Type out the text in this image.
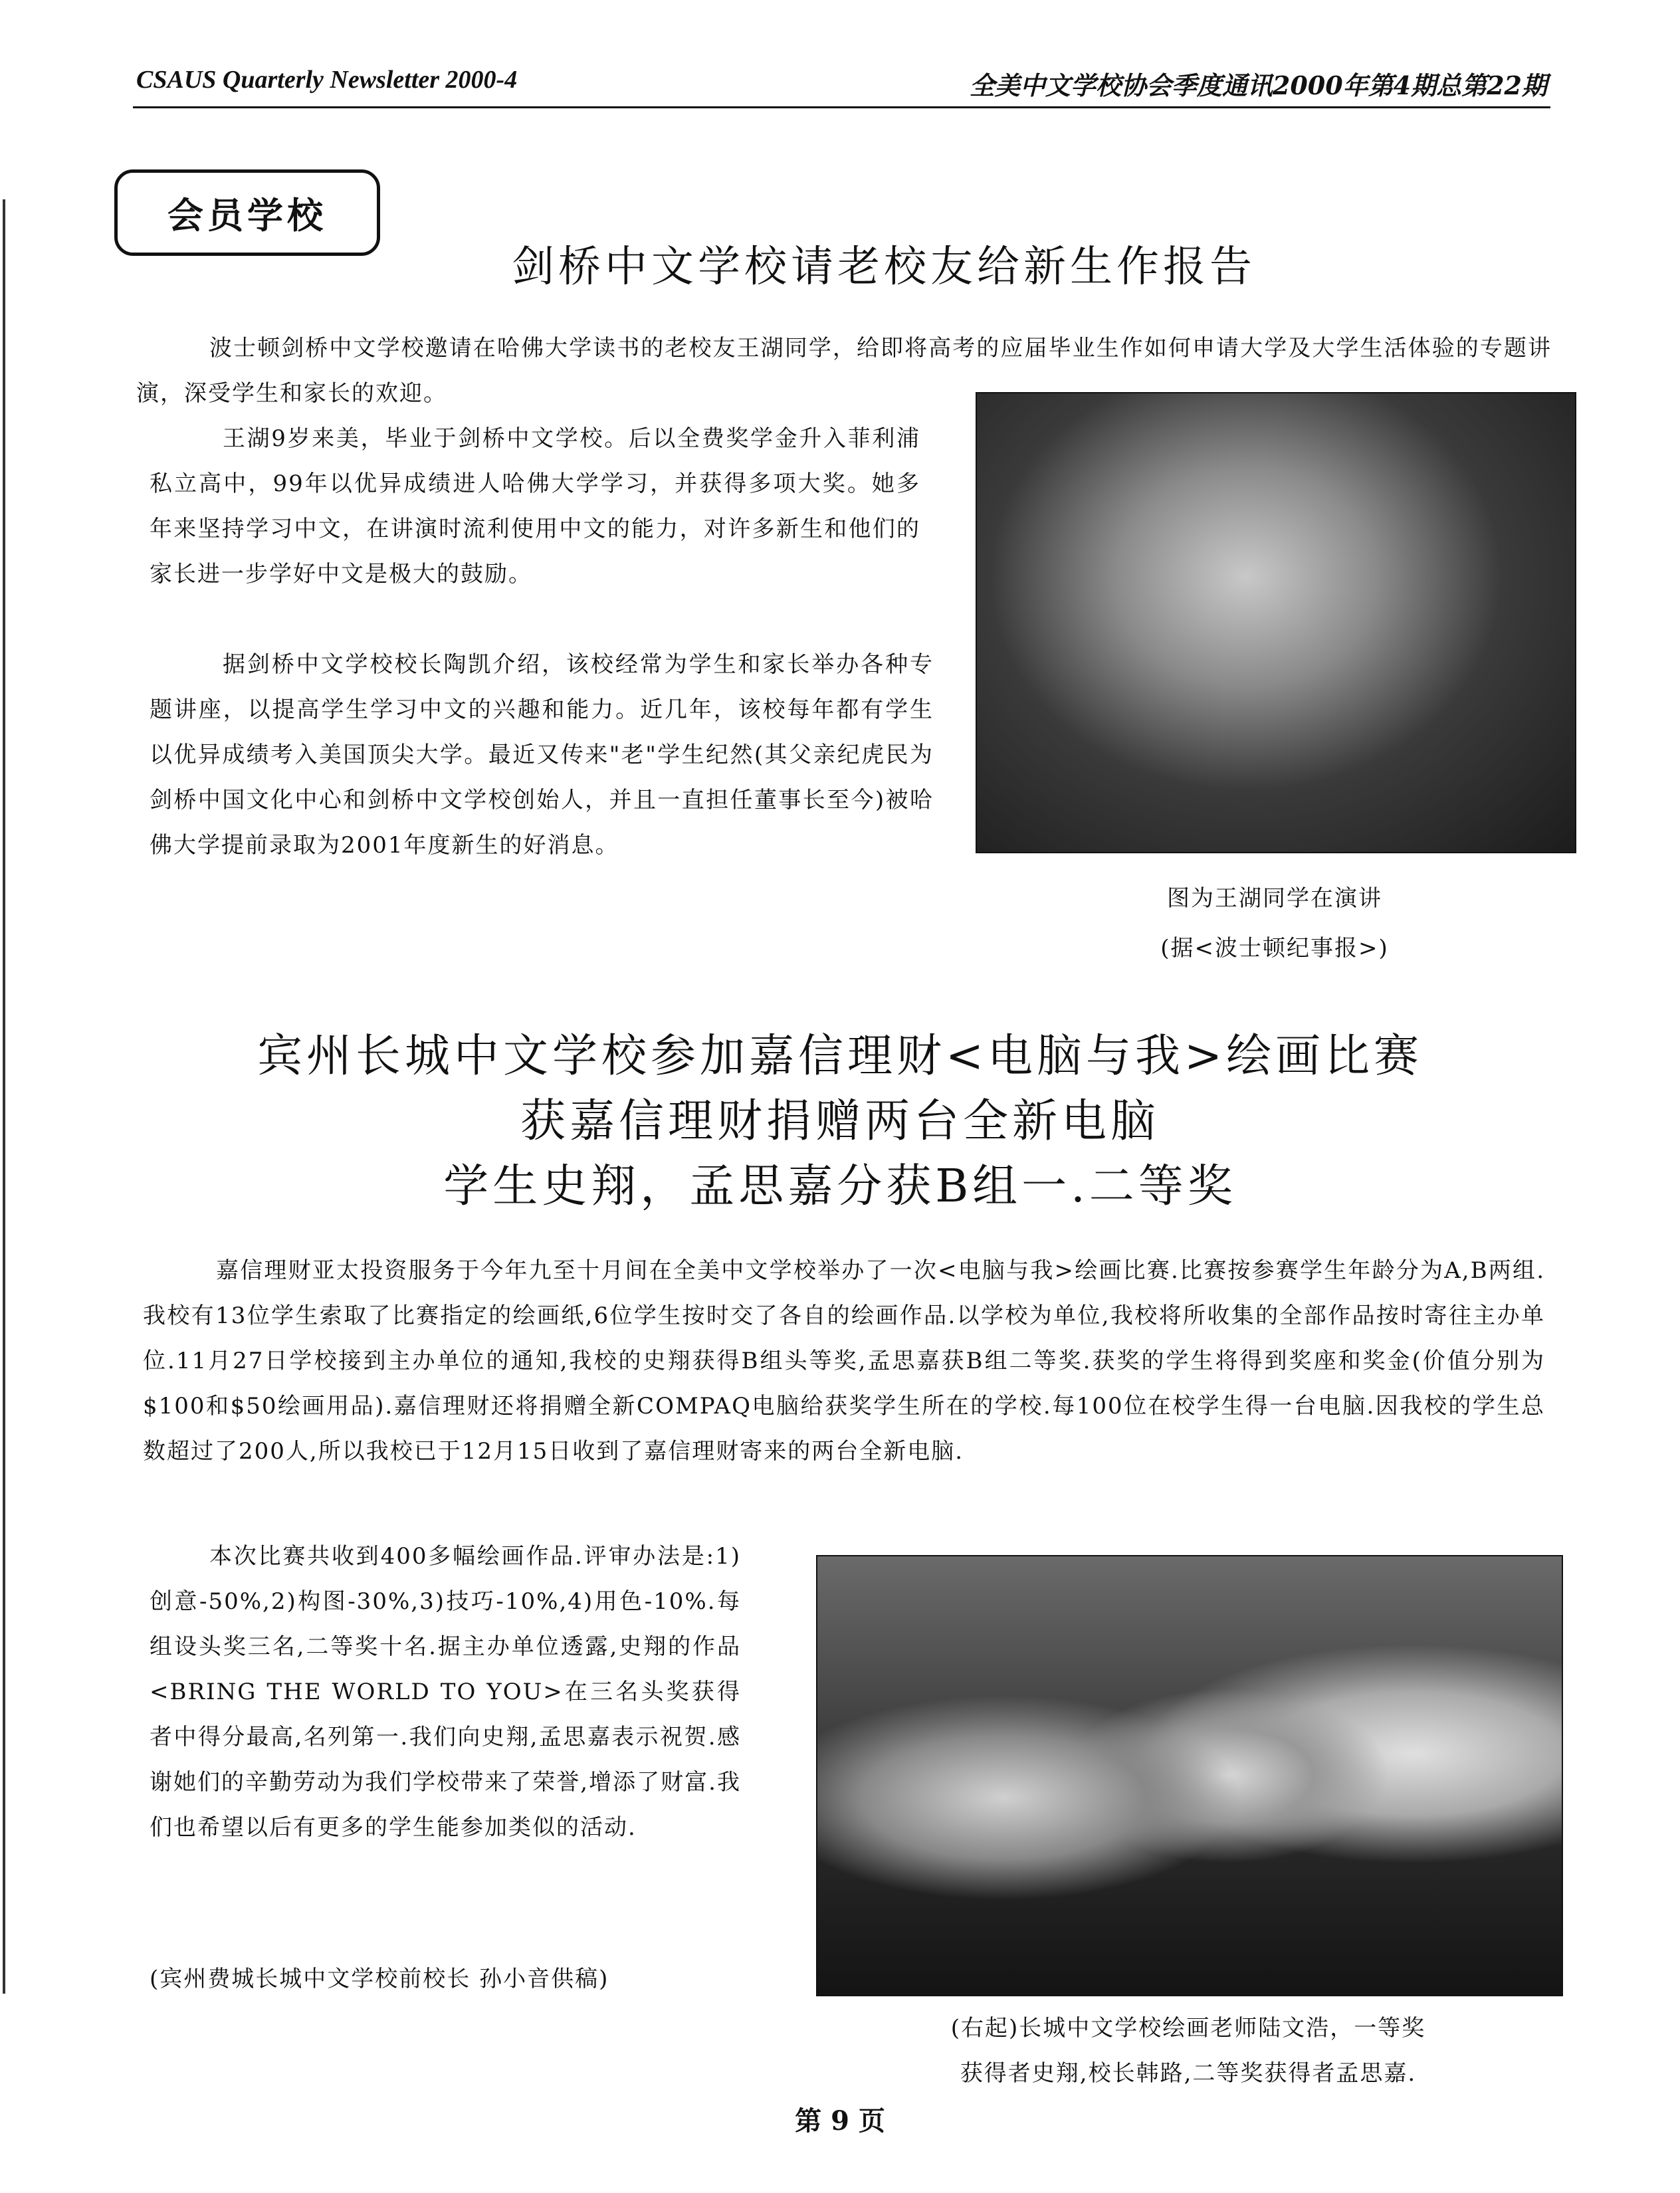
CSAUS Quarterly Newsletter 2000-4	全美中文学校协会季度通讯2000年第4期总第22期
会员学校
剑桥中文学校请老校友给新生作报告

波士顿剑桥中文学校邀请在哈佛大学读书的老校友王湖同学，给即将高考的应届毕业生作如何申请大学及大学生活体验的专题讲演，深受学生和家长的欢迎。

王湖9岁来美，毕业于剑桥中文学校。后以全费奖学金升入菲利浦私立高中，99年以优异成绩进人哈佛大学学习，并获得多项大奖。她多年来坚持学习中文，在讲演时流利使用中文的能力，对许多新生和他们的家长进一步学好中文是极大的鼓励。

据剑桥中文学校校长陶凯介绍，该校经常为学生和家长举办各种专题讲座，以提高学生学习中文的兴趣和能力。近几年，该校每年都有学生以优异成绩考入美国顶尖大学。最近又传来"老"学生纪然(其父亲纪虎民为剑桥中国文化中心和剑桥中文学校创始人，并且一直担任董事长至今)被哈佛大学提前录取为2001年度新生的好消息。

图为王湖同学在演讲
(据<波士顿纪事报>)
宾州长城中文学校参加嘉信理财<电脑与我>绘画比赛
获嘉信理财捐赠两台全新电脑
学生史翔，孟思嘉分获B组一.二等奖

嘉信理财亚太投资服务于今年九至十月间在全美中文学校举办了一次<电脑与我>绘画比赛.比赛按参赛学生年龄分为A,B两组.我校有13位学生索取了比赛指定的绘画纸,6位学生按时交了各自的绘画作品.以学校为单位,我校将所收集的全部作品按时寄往主办单位.11月27日学校接到主办单位的通知,我校的史翔获得B组头等奖,孟思嘉获B组二等奖.获奖的学生将得到奖座和奖金(价值分别为$100和$50绘画用品).嘉信理财还将捐赠全新COMPAQ电脑给获奖学生所在的学校.每100位在校学生得一台电脑.因我校的学生总数超过了200人,所以我校已于12月15日收到了嘉信理财寄来的两台全新电脑.

本次比赛共收到400多幅绘画作品.评审办法是:1)创意-50%,2)构图-30%,3)技巧-10%,4)用色-10%.每组设头奖三名,二等奖十名.据主办单位透露,史翔的作品<BRING THE WORLD TO YOU>在三名头奖获得者中得分最高,名列第一.我们向史翔,孟思嘉表示祝贺.感谢她们的辛勤劳动为我们学校带来了荣誉,增添了财富.我们也希望以后有更多的学生能参加类似的活动.

(宾州费城长城中文学校前校长 孙小音供稿)
(右起)长城中文学校绘画老师陆文浩，一等奖
获得者史翔,校长韩路,二等奖获得者孟思嘉.
第 9 页
